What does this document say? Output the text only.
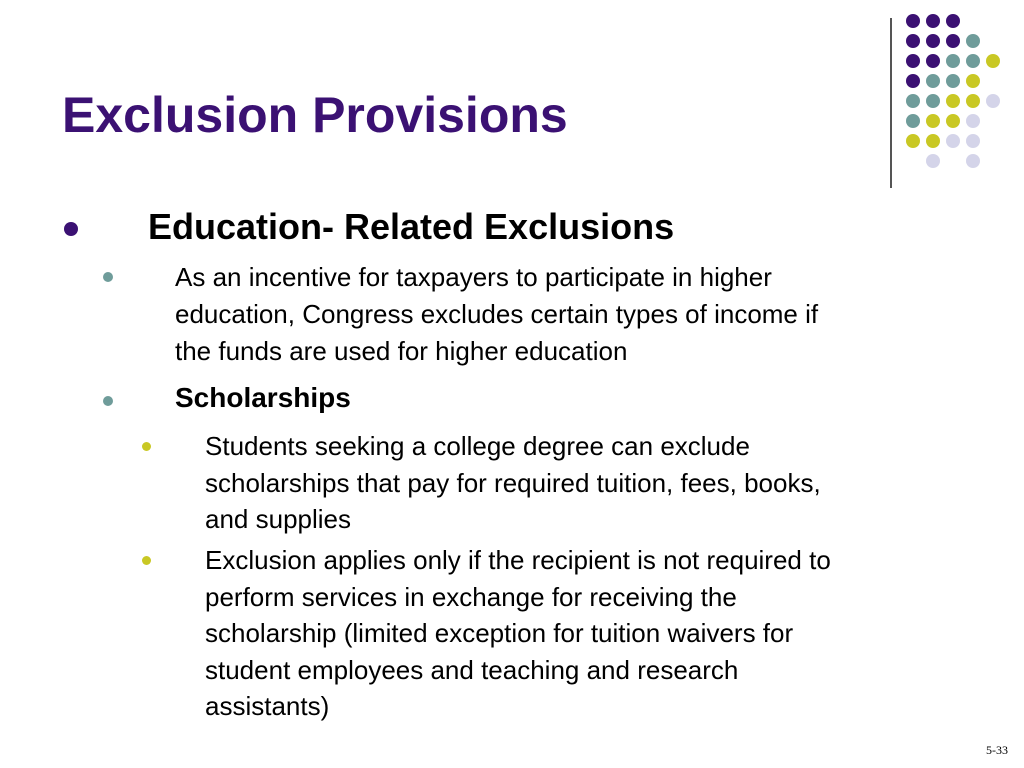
Exclusion Provisions
Education- Related Exclusions
As an incentive for taxpayers to participate in higher
education, Congress excludes certain types of income if
the funds are used for higher education
Scholarships
Students seeking a college degree can exclude
scholarships that pay for required tuition, fees, books,
and supplies
Exclusion applies only if the recipient is not required to
perform services in exchange for receiving the
scholarship (limited exception for tuition waivers for
student employees and teaching and research
assistants)
5-33
